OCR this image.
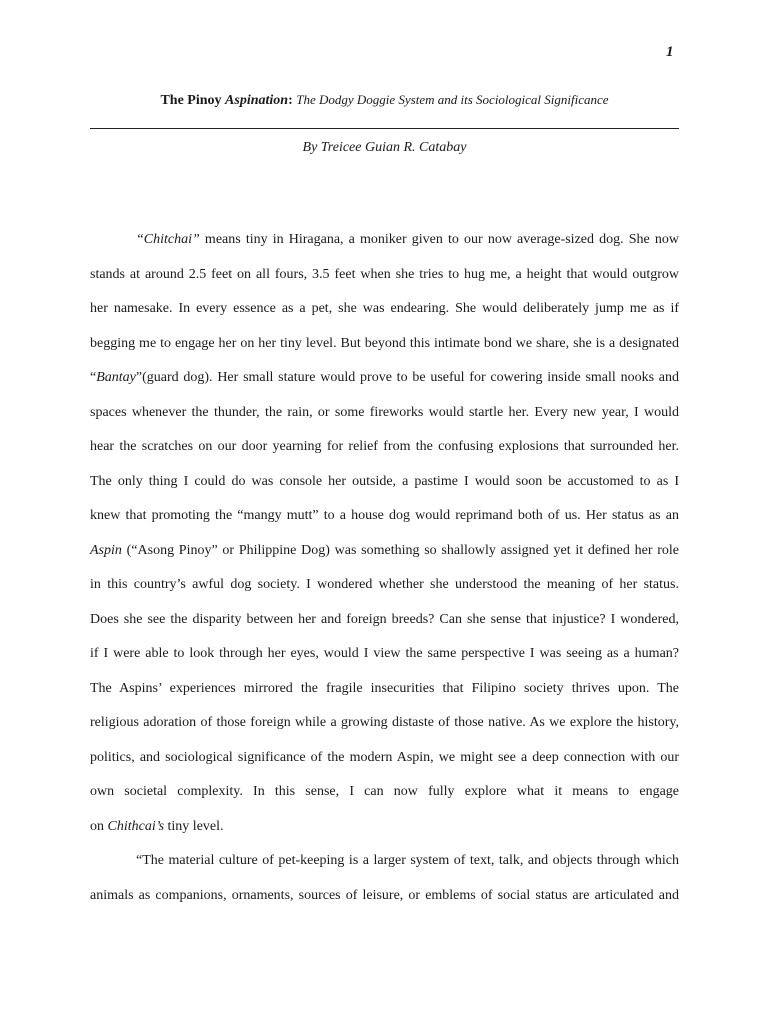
1
The Pinoy Aspination: The Dodgy Doggie System and its Sociological Significance
By Treicee Guian R. Catabay
“Chitchai” means tiny in Hiragana, a moniker given to our now average-sized dog. She now
stands at around 2.5 feet on all fours, 3.5 feet when she tries to hug me, a height that would outgrow
her namesake. In every essence as a pet, she was endearing. She would deliberately jump me as if
begging me to engage her on her tiny level. But beyond this intimate bond we share, she is a designated
“Bantay”(guard dog). Her small stature would prove to be useful for cowering inside small nooks and
spaces whenever the thunder, the rain, or some fireworks would startle her. Every new year, I would
hear the scratches on our door yearning for relief from the confusing explosions that surrounded her.
The only thing I could do was console her outside, a pastime I would soon be accustomed to as I
knew that promoting the “mangy mutt” to a house dog would reprimand both of us. Her status as an
Aspin (“Asong Pinoy” or Philippine Dog) was something so shallowly assigned yet it defined her role
in this country’s awful dog society. I wondered whether she understood the meaning of her status.
Does she see the disparity between her and foreign breeds? Can she sense that injustice? I wondered,
if I were able to look through her eyes, would I view the same perspective I was seeing as a human?
The Aspins’ experiences mirrored the fragile insecurities that Filipino society thrives upon. The
religious adoration of those foreign while a growing distaste of those native. As we explore the history,
politics, and sociological significance of the modern Aspin, we might see a deep connection with our
own societal complexity. In this sense, I can now fully explore what it means to engage
on Chithcai’s tiny level.
“The material culture of pet-keeping is a larger system of text, talk, and objects through which
animals as companions, ornaments, sources of leisure, or emblems of social status are articulated and
